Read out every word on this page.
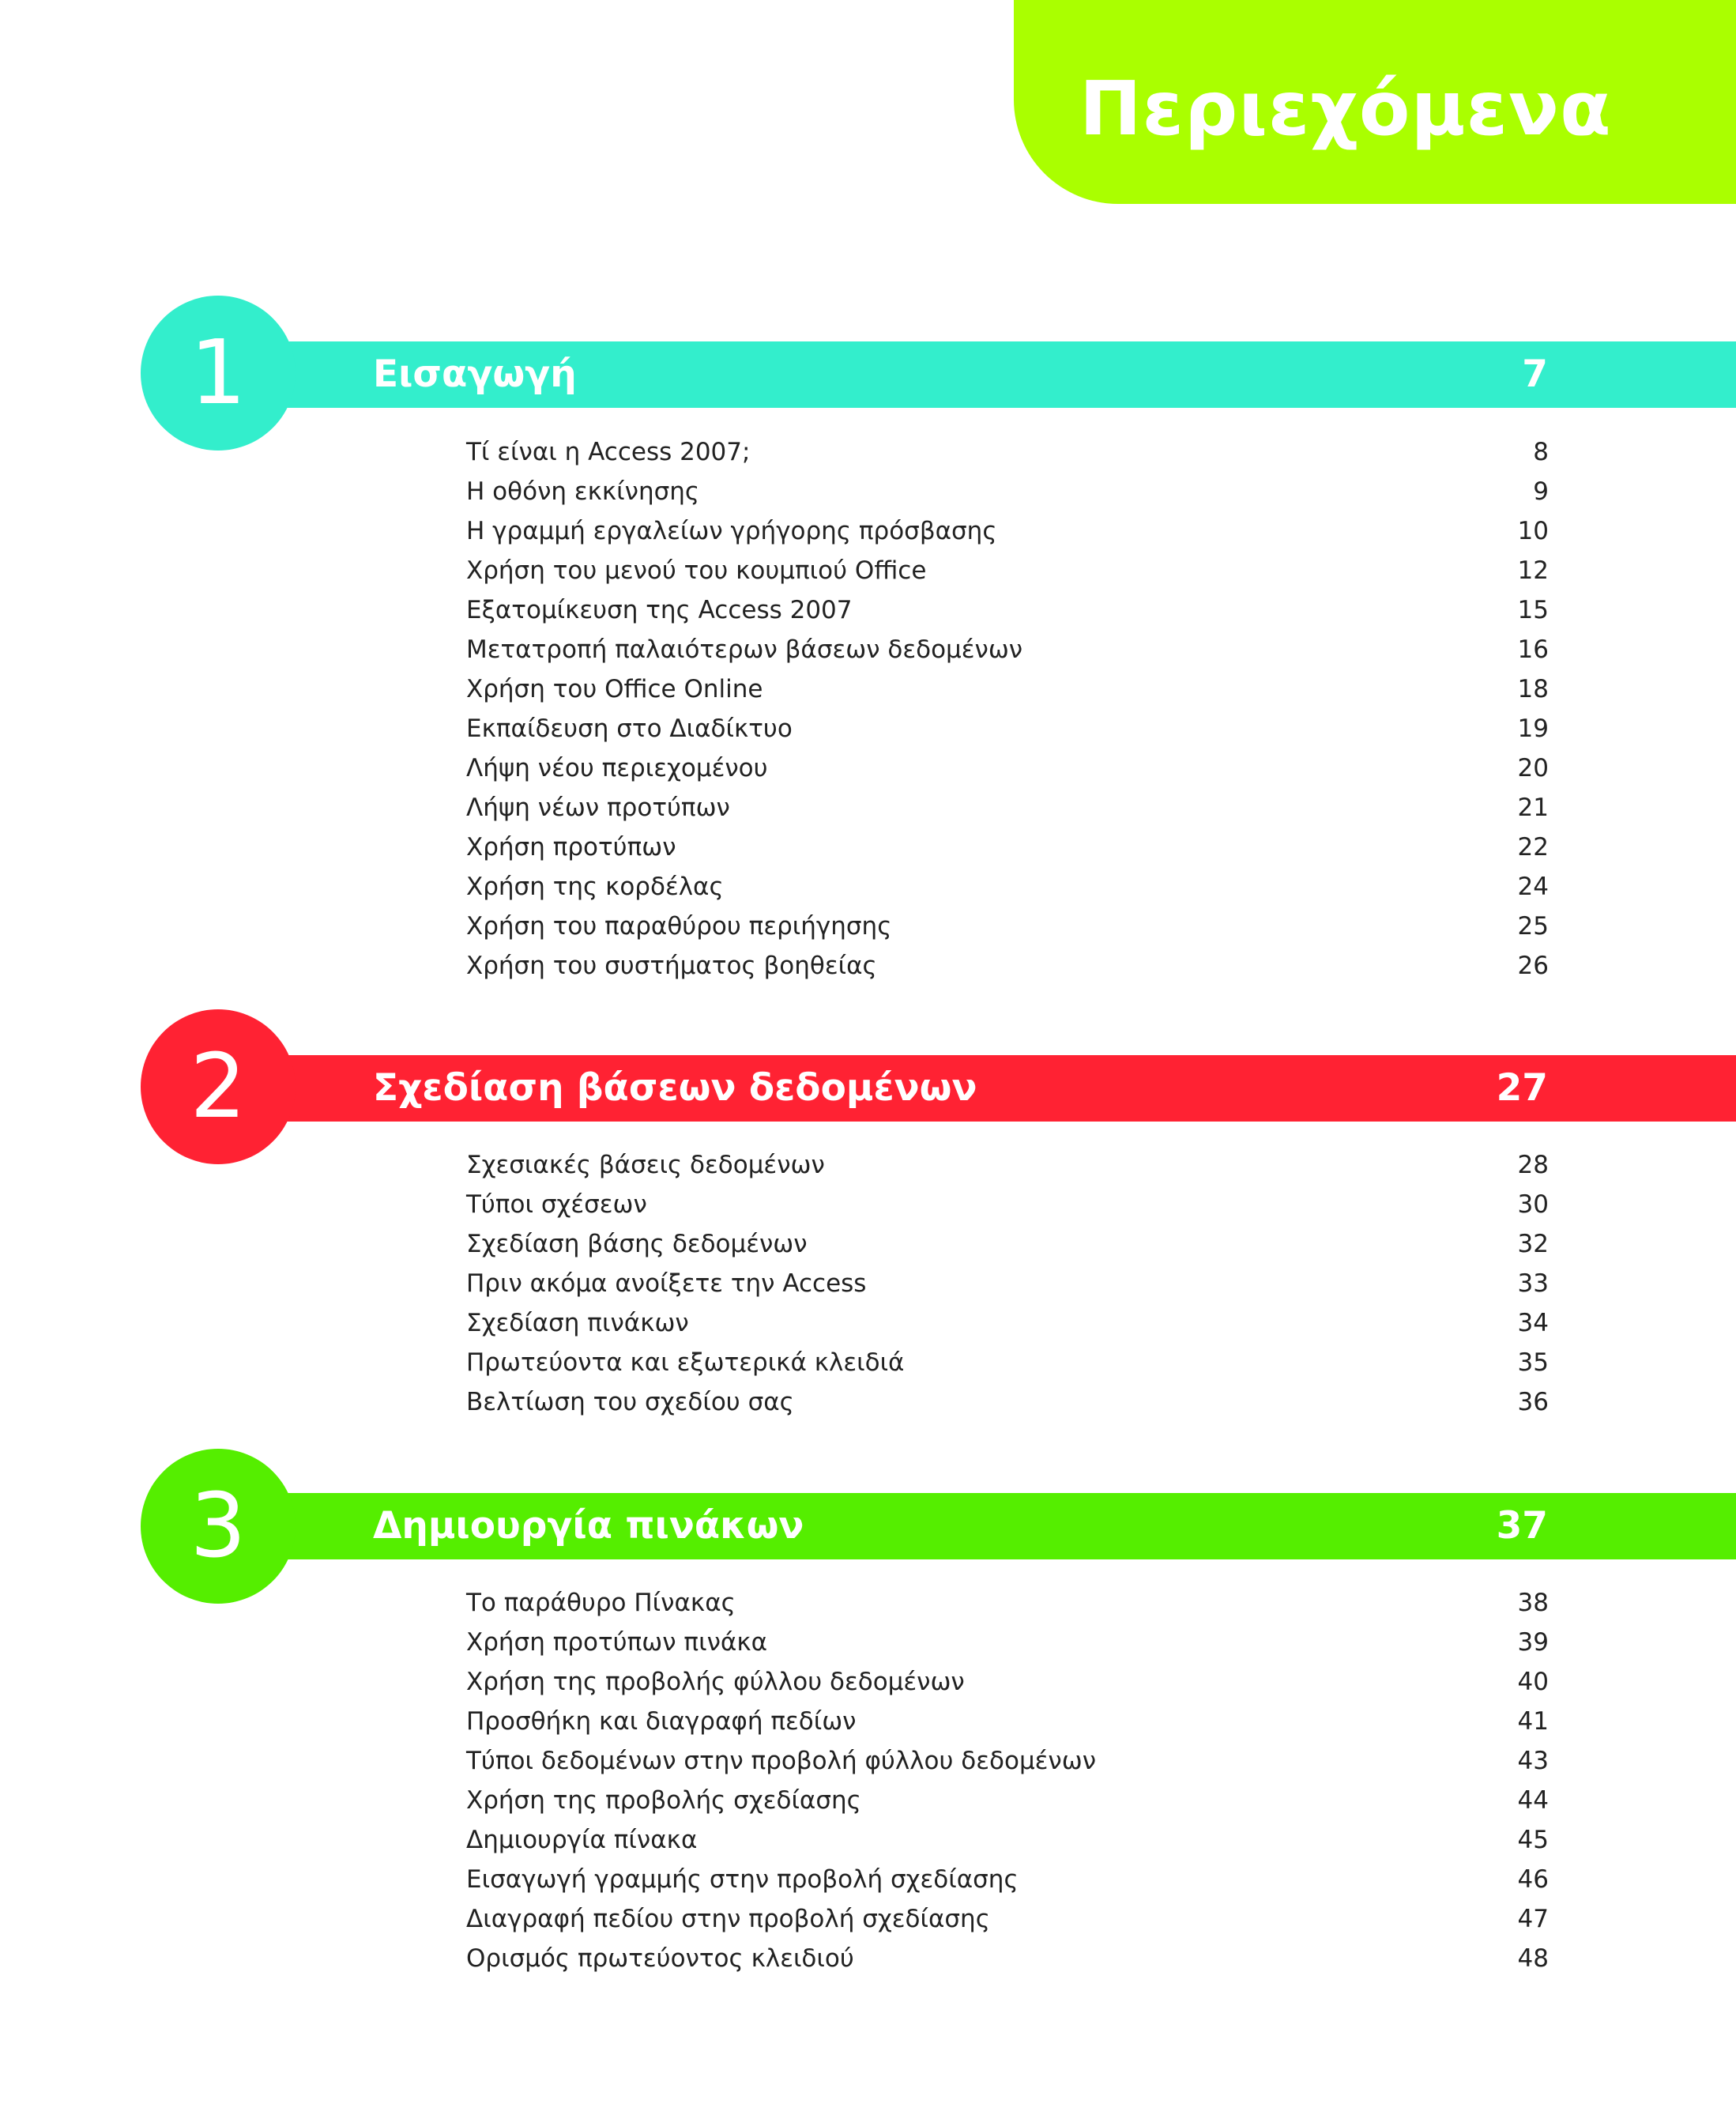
Περιεχόμενα
1	Εισαγωγή	7
Τί είναι η Access 2007;	8
Η οθόνη εκκίνησης	9
Η γραμμή εργαλείων γρήγορης πρόσβασης	10
Χρήση του μενού του κουμπιού Office	12
Εξατομίκευση της Access 2007	15
Μετατροπή παλαιότερων βάσεων δεδομένων	16
Χρήση του Office Online	18
Εκπαίδευση στο Διαδίκτυο	19
Λήψη νέου περιεχομένου	20
Λήψη νέων προτύπων	21
Χρήση προτύπων	22
Χρήση της κορδέλας	24
Χρήση του παραθύρου περιήγησης	25
Χρήση του συστήματος βοηθείας	26
2	Σχεδίαση βάσεων δεδομένων	27
Σχεσιακές βάσεις δεδομένων	28
Τύποι σχέσεων	30
Σχεδίαση βάσης δεδομένων	32
Πριν ακόμα ανοίξετε την Access	33
Σχεδίαση πινάκων	34
Πρωτεύοντα και εξωτερικά κλειδιά	35
Βελτίωση του σχεδίου σας	36
3	Δημιουργία πινάκων	37
Το παράθυρο Πίνακας	38
Χρήση προτύπων πινάκα	39
Χρήση της προβολής φύλλου δεδομένων	40
Προσθήκη και διαγραφή πεδίων	41
Τύποι δεδομένων στην προβολή φύλλου δεδομένων	43
Χρήση της προβολής σχεδίασης	44
Δημιουργία πίνακα	45
Εισαγωγή γραμμής στην προβολή σχεδίασης	46
Διαγραφή πεδίου στην προβολή σχεδίασης	47
Ορισμός πρωτεύοντος κλειδιού	48
